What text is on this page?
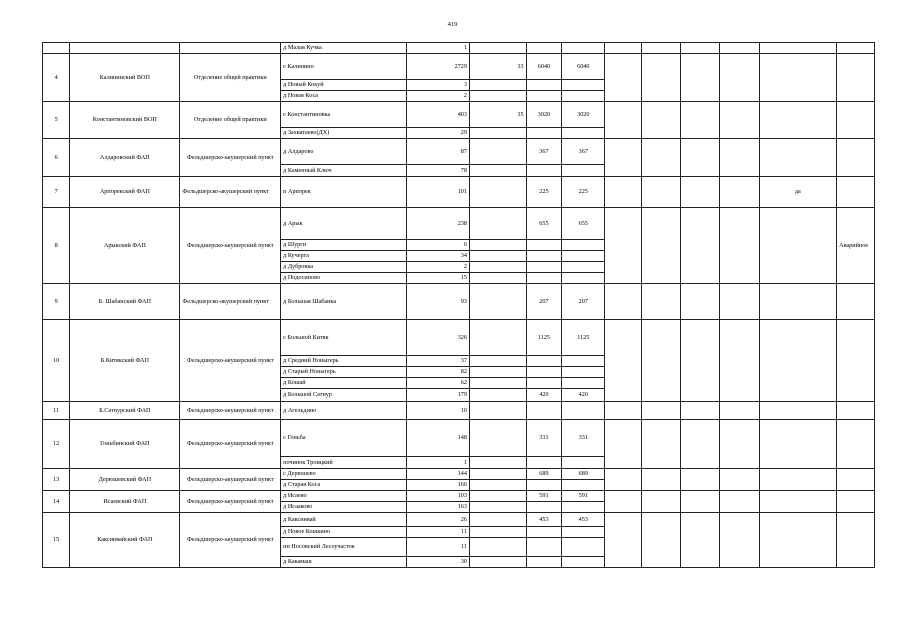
419
			д Малая Кучка	1									
4	Калининский ВОП	Отделение общей практики	с Калинино	2729	33	6040	6040						
			д Новый Кокуй	3									
			д Новая Коса	2									
5	Константиновский ВОП	Отделение общей практики	с Константиновка	403	35	3020	3020						
			д Захватаево(ДХ)	29									
6	Алдаровский ФАП	Фельдшерско-акушерский пункт	д Алдарово	87		367	367						
			д Каменный Ключ	78									
7	Арпорекский ФАП	Фельдшерско-акушерский пункт	п Арпорек	101		225	225					да	
8	Арыкский ФАП	Фельдшерско-акушерский пункт	д Арык	238		655	655						Аварийное
			д Шурги	6									
			д Кучерга	34									
			д Дубровка	2									
			д Подосиново	15									
9	Б. Шабанский ФАП	Фельдшерско-акушерский пункт	д Большая Шабанка	93		207	207						
10	Б.Китякский ФАП	Фельдшерско-акушерский пункт	с Большой Китяк	326		1125	1125						
			д Средний Ноныгерь	37									
			д Старый Ноныгерь	82									
			д Кошай	62									
			д Большой Сатнур	179		420	420						
11	Б.Сатнурский ФАП	Фельдшерско-акушерский пункт	д Агельдино	10									
12	Гоньбинский ФАП	Фельдшерско-акушерский пункт	с Гоньба	148		331	331						
			починок Троицкий	1									
13	Дерюшевский ФАП	Фельдшерско-акушерский пункт	с Дерюшево	144		689	689						
			д Старая Коса	166									
14	Исаевский ФАП	Фельдшерско-акушерский пункт	д Исаево	103		591	591						
			д Исааково	163									
15	Каксинвайский ФАП	Фельдшерско-акушерский пункт	д Каксинвай	26		453	453						
			д Новое Кошкино	11									
			нп Носовский Лесоучасток	11									
			д Какамаш	30									
